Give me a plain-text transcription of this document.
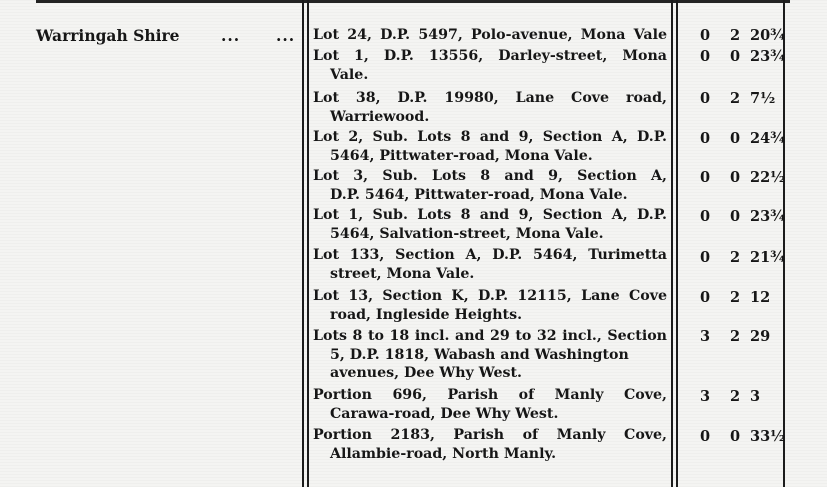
Warringah Shire	... ... Lot 24, D.P. 5497, Polo-avenue, Mona Vale 0 2 20¾
Lot 1, D.P. 13556, Darley-street, Mona
Vale.
0 0 23¾
Lot 38, D.P. 19980, Lane Cove road,
Warriewood.
0 2 7½
Lot 2, Sub. Lots 8 and 9, Section A, D.P.
5464, Pittwater-road, Mona Vale.
0 0 24¾
Lot 3, Sub. Lots 8 and 9, Section A,
D.P. 5464, Pittwater-road, Mona Vale.
0 0 22½
Lot 1, Sub. Lots 8 and 9, Section A, D.P.
5464, Salvation-street, Mona Vale.
0 0 23¾
Lot 133, Section A, D.P. 5464, Turimetta
street, Mona Vale.
0 2 21¾
Lot 13, Section K, D.P. 12115, Lane Cove
road, Ingleside Heights.
0 2 12
Lots 8 to 18 incl. and 29 to 32 incl., Section
5, D.P. 1818, Wabash and Washington
avenues, Dee Why West.
3 2 29
Portion 696, Parish of Manly Cove,
Carawa-road, Dee Why West.
3 2 3
Portion 2183, Parish of Manly Cove,
Allambie-road, North Manly.
0 0 33½
